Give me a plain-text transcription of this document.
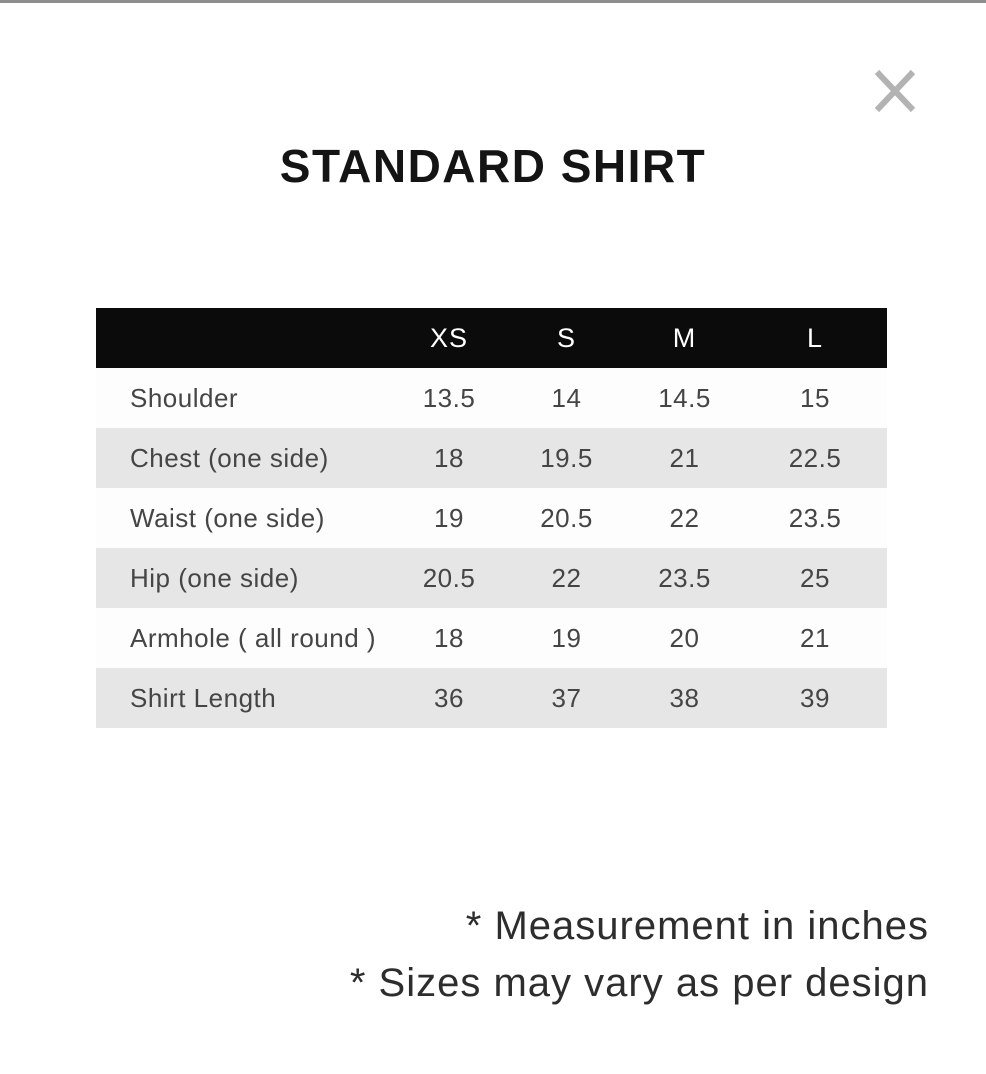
STANDARD SHIRT
	XS	S	M	L
Shoulder	13.5	14	14.5	15
Chest (one side)	18	19.5	21	22.5
Waist (one side)	19	20.5	22	23.5
Hip (one side)	20.5	22	23.5	25
Armhole ( all round )	18	19	20	21
Shirt Length	36	37	38	39
* Measurement in inches
* Sizes may vary as per design
